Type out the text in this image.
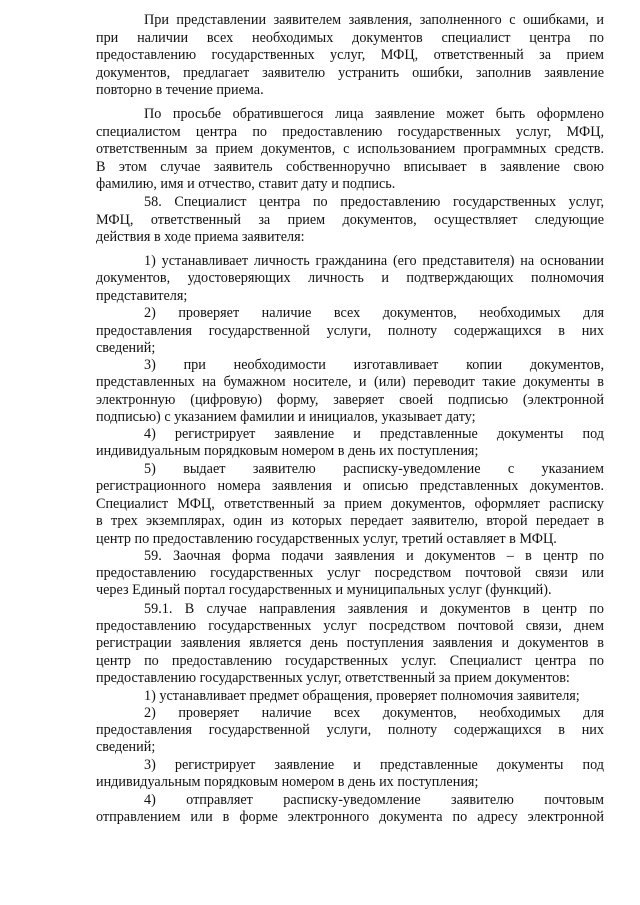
При представлении заявителем заявления, заполненного с ошибками, и
при наличии всех необходимых документов специалист центра по
предоставлению государственных услуг, МФЦ, ответственный за прием
документов, предлагает заявителю устранить ошибки, заполнив заявление
повторно в течение приема.
По просьбе обратившегося лица заявление может быть оформлено
специалистом центра по предоставлению государственных услуг, МФЦ,
ответственным за прием документов, с использованием программных средств.
В этом случае заявитель собственноручно вписывает в заявление свою
фамилию, имя и отчество, ставит дату и подпись.
58. Специалист центра по предоставлению государственных услуг,
МФЦ, ответственный за прием документов, осуществляет следующие
действия в ходе приема заявителя:
1) устанавливает личность гражданина (его представителя) на основании
документов, удостоверяющих личность и подтверждающих полномочия
представителя;
2) проверяет наличие всех документов, необходимых для
предоставления государственной услуги, полноту содержащихся в них
сведений;
3) при необходимости изготавливает копии документов,
представленных на бумажном носителе, и (или) переводит такие документы в
электронную (цифровую) форму, заверяет своей подписью (электронной
подписью) с указанием фамилии и инициалов, указывает дату;
4) регистрирует заявление и представленные документы под
индивидуальным порядковым номером в день их поступления;
5) выдает заявителю расписку-уведомление с указанием
регистрационного номера заявления и описью представленных документов.
Специалист МФЦ, ответственный за прием документов, оформляет расписку
в трех экземплярах, один из которых передает заявителю, второй передает в
центр по предоставлению государственных услуг, третий оставляет в МФЦ.
59. Заочная форма подачи заявления и документов – в центр по
предоставлению государственных услуг посредством почтовой связи или
через Единый портал государственных и муниципальных услуг (функций).
59.1. В случае направления заявления и документов в центр по
предоставлению государственных услуг посредством почтовой связи, днем
регистрации заявления является день поступления заявления и документов в
центр по предоставлению государственных услуг. Специалист центра по
предоставлению государственных услуг, ответственный за прием документов:
1) устанавливает предмет обращения, проверяет полномочия заявителя;
2) проверяет наличие всех документов, необходимых для
предоставления государственной услуги, полноту содержащихся в них
сведений;
3) регистрирует заявление и представленные документы под
индивидуальным порядковым номером в день их поступления;
4) отправляет расписку-уведомление заявителю почтовым
отправлением или в форме электронного документа по адресу электронной
